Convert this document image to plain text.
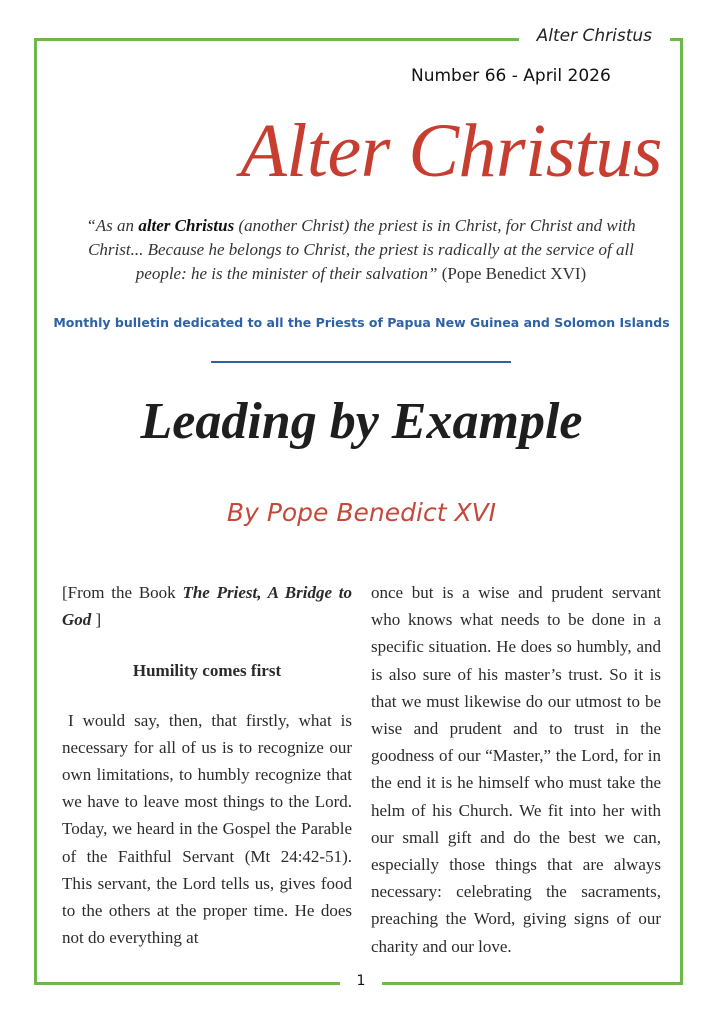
Alter Christus
Number 66 - April 2026
Alter Christus
“As an alter Christus (another Christ) the priest is in Christ, for Christ and with Christ... Because he belongs to Christ, the priest is radically at the service of all people: he is the minister of their salvation” (Pope Benedict XVI)
Monthly bulletin dedicated to all the Priests of Papua New Guinea and Solomon Islands
Leading by Example
By Pope Benedict XVI

[From the Book The Priest, A Bridge to God ]

Humility comes first

I would say, then, that firstly, what is necessary for all of us is to recognize our own limitations, to humbly recognize that we have to leave most things to the Lord. Today, we heard in the Gospel the Parable of the Faithful Servant (Mt 24:42-51). This servant, the Lord tells us, gives food to the others at the proper time. He does not do everything at

once but is a wise and prudent servant who knows what needs to be done in a specific situation. He does so humbly, and is also sure of his master’s trust. So it is that we must likewise do our utmost to be wise and prudent and to trust in the goodness of our “Master,” the Lord, for in the end it is he himself who must take the helm of his Church. We fit into her with our small gift and do the best we can, especially those things that are always necessary: celebrating the sacraments, preaching the Word, giving signs of our charity and our love.

1
